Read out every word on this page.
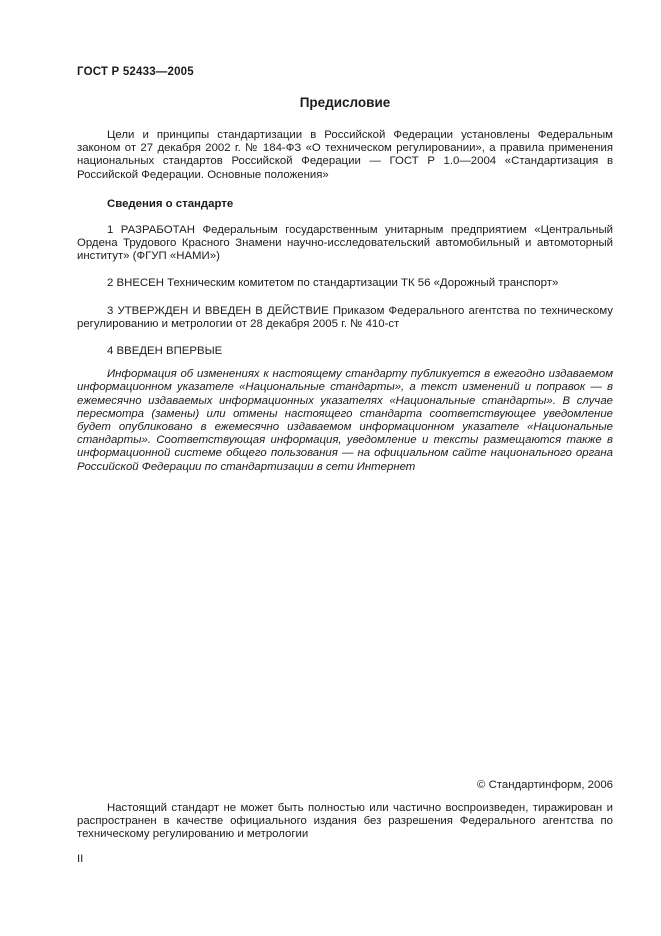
ГОСТ Р 52433—2005
Предисловие

Цели и принципы стандартизации в Российской Федерации установлены Федеральным законом от 27 декабря 2002 г. № 184-ФЗ «О техническом регулировании», а правила применения национальных стандартов Российской Федерации — ГОСТ Р 1.0—2004 «Стандартизация в Российской Федерации. Основные положения»

Сведения о стандарте

1 РАЗРАБОТАН Федеральным государственным унитарным предприятием «Центральный Ордена Трудового Красного Знамени научно-исследовательский автомобильный и автомоторный институт» (ФГУП «НАМИ»)

2 ВНЕСЕН Техническим комитетом по стандартизации ТК 56 «Дорожный транспорт»

3 УТВЕРЖДЕН И ВВЕДЕН В ДЕЙСТВИЕ Приказом Федерального агентства по техническому регулированию и метрологии от 28 декабря 2005 г. № 410-ст

4 ВВЕДЕН ВПЕРВЫЕ

Информация об изменениях к настоящему стандарту публикуется в ежегодно издаваемом информационном указателе «Национальные стандарты», а текст изменений и поправок — в ежемесячно издаваемых информационных указателях «Национальные стандарты». В случае пересмотра (замены) или отмены настоящего стандарта соответствующее уведомление будет опубликовано в ежемесячно издаваемом информационном указателе «Национальные стандарты». Соответствующая информация, уведомление и тексты размещаются также в информационной системе общего пользования — на официальном сайте национального органа Российской Федерации по стандартизации в сети Интернет

© Стандартинформ, 2006

Настоящий стандарт не может быть полностью или частично воспроизведен, тиражирован и распространен в качестве официального издания без разрешения Федерального агентства по техническому регулированию и метрологии

II
